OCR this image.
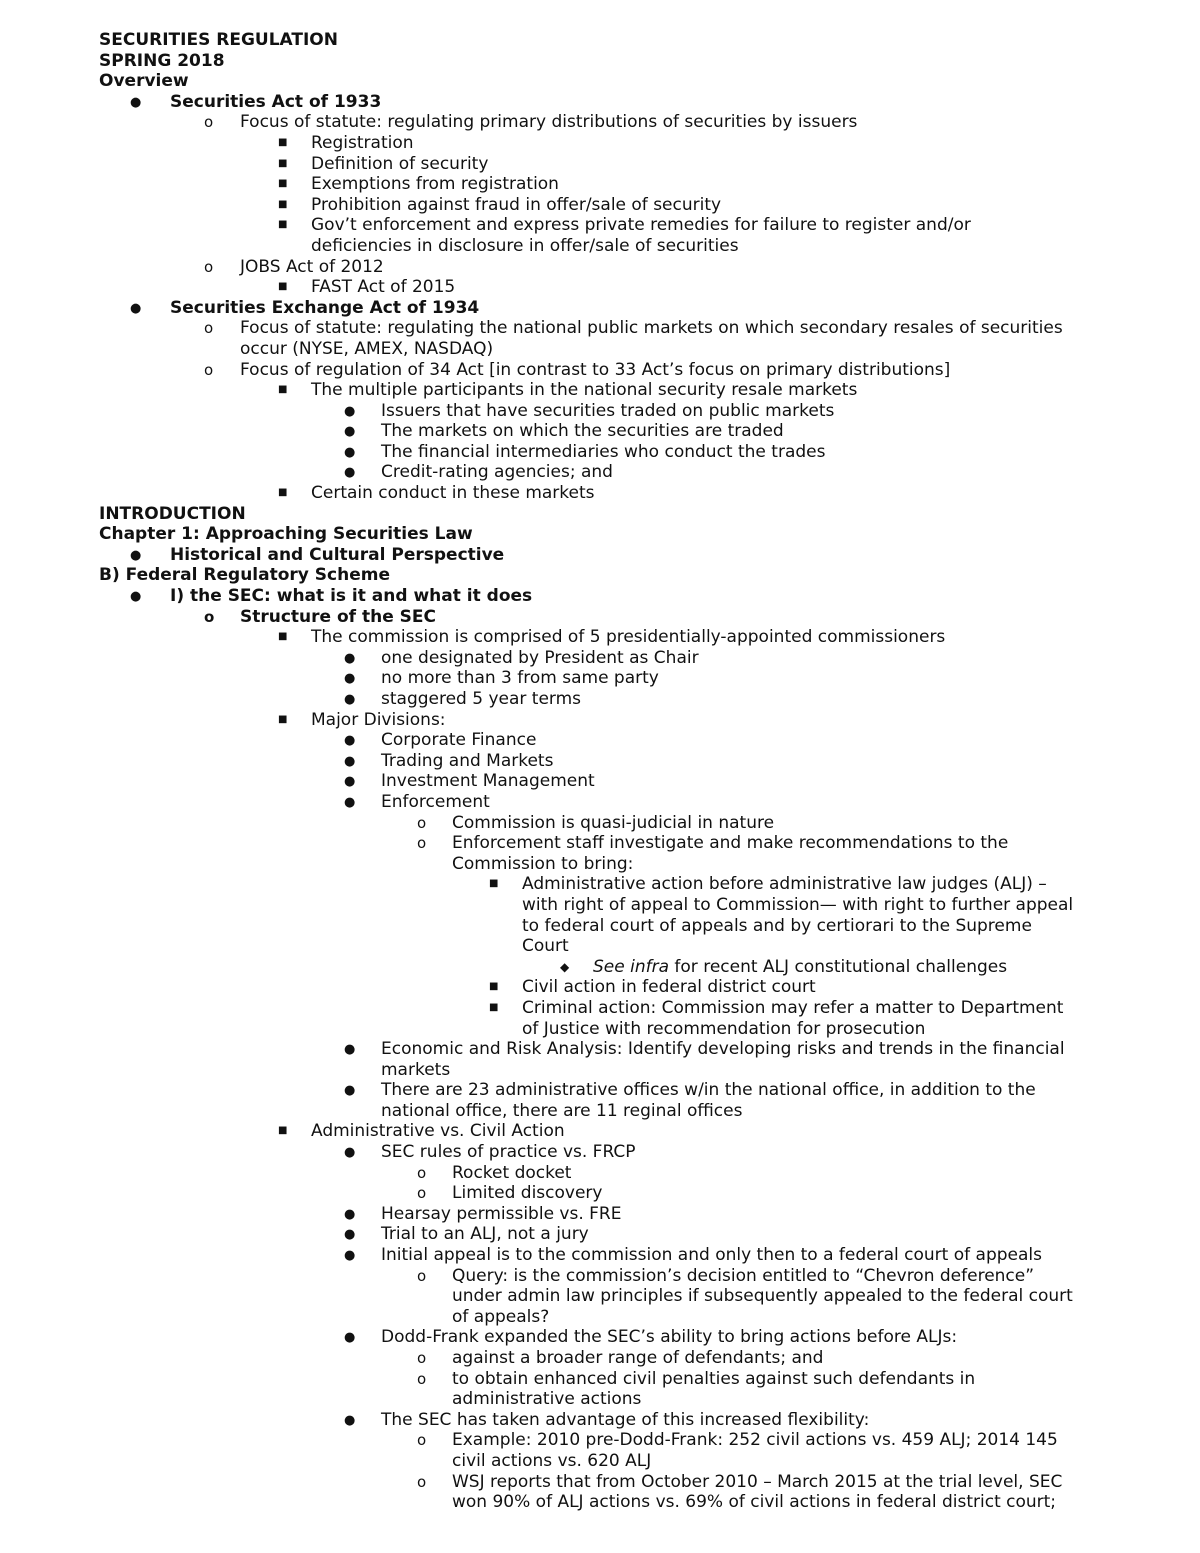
SECURITIES REGULATION
SPRING 2018
Overview
● Securities Act of 1933
o Focus of statute: regulating primary distributions of securities by issuers
■ Registration
■ Definition of security
■ Exemptions from registration
■ Prohibition against fraud in offer/sale of security
■ Gov’t enforcement and express private remedies for failure to register and/or
deficiencies in disclosure in offer/sale of securities
o JOBS Act of 2012
■ FAST Act of 2015
● Securities Exchange Act of 1934
o Focus of statute: regulating the national public markets on which secondary resales of securities
occur (NYSE, AMEX, NASDAQ)
o Focus of regulation of 34 Act [in contrast to 33 Act’s focus on primary distributions]
■ The multiple participants in the national security resale markets
● Issuers that have securities traded on public markets
● The markets on which the securities are traded
● The financial intermediaries who conduct the trades
● Credit-rating agencies; and
■ Certain conduct in these markets
INTRODUCTION
Chapter 1: Approaching Securities Law
● Historical and Cultural Perspective
B) Federal Regulatory Scheme
● I) the SEC: what is it and what it does
o Structure of the SEC
■ The commission is comprised of 5 presidentially-appointed commissioners
● one designated by President as Chair
● no more than 3 from same party
● staggered 5 year terms
■ Major Divisions:
● Corporate Finance
● Trading and Markets
● Investment Management
● Enforcement
o Commission is quasi-judicial in nature
o Enforcement staff investigate and make recommendations to the
Commission to bring:
■ Administrative action before administrative law judges (ALJ) –
with right of appeal to Commission— with right to further appeal
to federal court of appeals and by certiorari to the Supreme
Court
◆ See infra for recent ALJ constitutional challenges
■ Civil action in federal district court
■ Criminal action: Commission may refer a matter to Department
of Justice with recommendation for prosecution
● Economic and Risk Analysis: Identify developing risks and trends in the financial
markets
● There are 23 administrative offices w/in the national office, in addition to the
national office, there are 11 reginal offices
■ Administrative vs. Civil Action
● SEC rules of practice vs. FRCP
o Rocket docket
o Limited discovery
● Hearsay permissible vs. FRE
● Trial to an ALJ, not a jury
● Initial appeal is to the commission and only then to a federal court of appeals
o Query: is the commission’s decision entitled to “Chevron deference”
under admin law principles if subsequently appealed to the federal court
of appeals?
● Dodd-Frank expanded the SEC’s ability to bring actions before ALJs:
o against a broader range of defendants; and
o to obtain enhanced civil penalties against such defendants in
administrative actions
● The SEC has taken advantage of this increased flexibility:
o Example: 2010 pre-Dodd-Frank: 252 civil actions vs. 459 ALJ; 2014 145
civil actions vs. 620 ALJ
o WSJ reports that from October 2010 – March 2015 at the trial level, SEC
won 90% of ALJ actions vs. 69% of civil actions in federal district court;
